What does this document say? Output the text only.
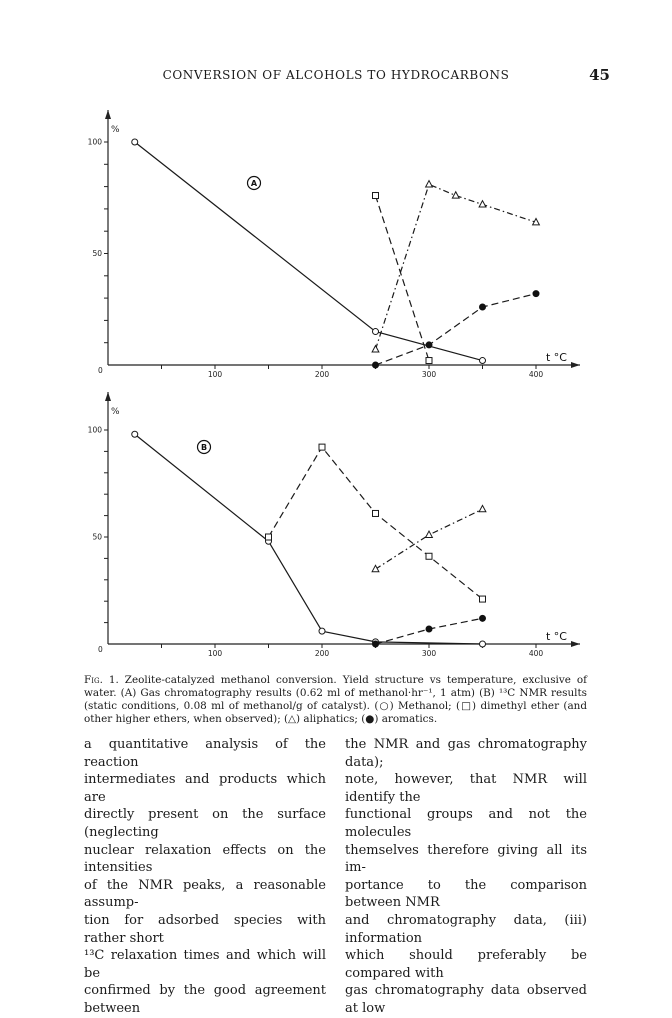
CONVERSION OF ALCOHOLS TO HYDROCARBONS	45
100	200	300	400
100
50
0
%
t °C
A
100	200	300	400
100
50
0
%
t °C
B
Fig. 1. Zeolite-catalyzed methanol conversion. Yield structure vs temperature, exclusive of water. (A) Gas chromatography results (0.62 ml of methanol·hr⁻¹, 1 atm) (B) ¹³C NMR results (static conditions, 0.08 ml of methanol/g of catalyst). (○) Methanol; (□) dimethyl ether (and other higher ethers, when observed); (△) aliphatics; (●) aromatics.
a quantitative analysis of the reaction
intermediates and products which are
directly present on the surface (neglecting
nuclear relaxation effects on the intensities
of the NMR peaks, a reasonable assump-
tion for adsorbed species with rather short
¹³C relaxation times and which will be
confirmed by the good agreement between
the NMR and gas chromatography data);
note, however, that NMR will identify the
functional groups and not the molecules
themselves therefore giving all its im-
portance to the comparison between NMR
and chromatography data, (iii) information
which should preferably be compared with
gas chromatography data observed at low
